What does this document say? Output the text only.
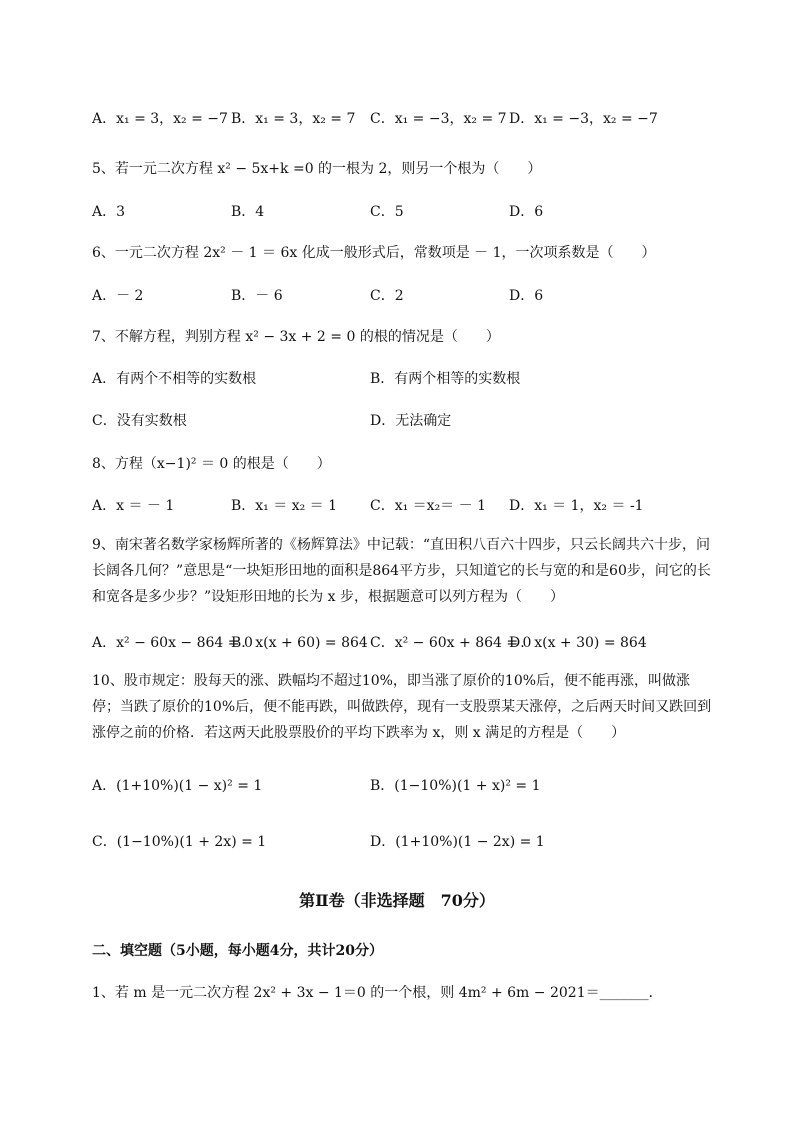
A．x₁ = 3，x₂ = −7 B．x₁ = 3，x₂ = 7 C．x₁ = −3，x₂ = 7 D．x₁ = −3，x₂ = −7
5、若一元二次方程 x² − 5x+k =0 的一根为 2，则另一个根为（　　）
A．3	B．4	C．5	D．6
6、一元二次方程 2x² － 1 ＝ 6x 化成一般形式后，常数项是 － 1，一次项系数是（　　）
A．－ 2	B．－ 6	C．2	D．6
7、不解方程，判别方程 x² − 3x + 2 = 0 的根的情况是（　　）
A．有两个不相等的实数根	B．有两个相等的实数根
C．没有实数根	D．无法确定
8、方程（x−1)² ＝ 0 的根是（　　）
A．x ＝ － 1	B．x₁ ＝ x₂ ＝ 1 C．x₁ ＝x₂＝ － 1 D．x₁ ＝ 1，x₂ ＝ -1
9、南宋著名数学家杨辉所著的《杨辉算法》中记载：“直田积八百六十四步，只云长阔共六十步，问长阔各几何？”意思是“一块矩形田地的面积是864平方步，只知道它的长与宽的和是60步，问它的长和宽各是多少步？”设矩形田地的长为 x 步，根据题意可以列方程为（　　）
A．x² − 60x − 864 = 0
B．x(x + 60) = 864 C．x² − 60x + 864 = 0
D．x(x + 30) = 864
10、股市规定：股每天的涨、跌幅均不超过10%，即当涨了原价的10%后，便不能再涨，叫做涨停；当跌了原价的10%后，便不能再跌，叫做跌停，现有一支股票某天涨停，之后两天时间又跌回到涨停之前的价格．若这两天此股票股价的平均下跌率为 x，则 x 满足的方程是（　　）
A．(1+10%)(1 − x)² = 1	B．(1−10%)(1 + x)² = 1
C．(1−10%)(1 + 2x) = 1	D．(1+10%)(1 − 2x) = 1
第Ⅱ卷（非选择题　70分）
二、填空题（5小题，每小题4分，共计20分）
1、若 m 是一元二次方程 2x² + 3x − 1＝0 的一个根，则 4m² + 6m − 2021＝_______．
